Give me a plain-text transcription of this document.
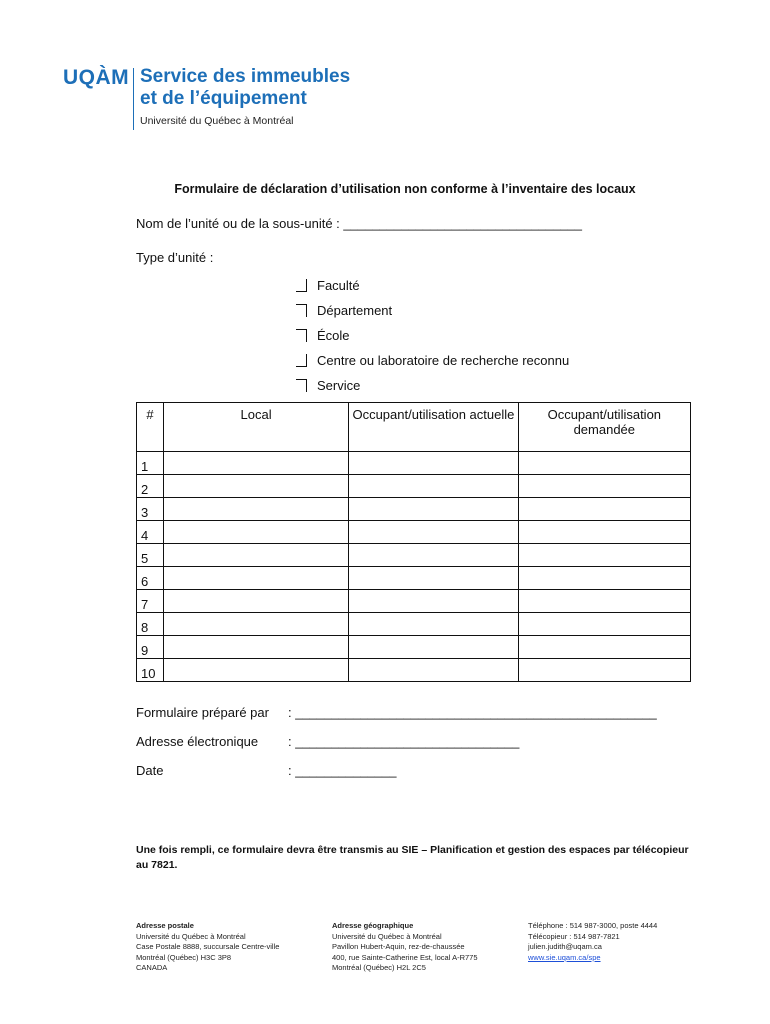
UQÀM Service des immeubles
et de l’équipement
Université du Québec à Montréal
Formulaire de déclaration d’utilisation non conforme à l’inventaire des locaux
Nom de l’unité ou de la sous-unité : _________________________________
Type d’unité :
Faculté
Département
École
Centre ou laboratoire de recherche reconnu
Service
#	Local	Occupant/utilisation actuelle	Occupant/utilisation demandée
1			
2			
3			
4			
5			
6			
7			
8			
9			
10			
Formulaire préparé par : __________________________________________________
Adresse électronique : _______________________________
Date	: ______________
Une fois rempli, ce formulaire devra être transmis au SIE – Planification et gestion des espaces par télécopieur au 7821.
Adresse postale
Université du Québec à Montréal
Case Postale 8888, succursale Centre-ville
Montréal (Québec) H3C 3P8
CANADA
Adresse géographique
Université du Québec à Montréal
Pavillon Hubert-Aquin, rez-de-chaussée
400, rue Sainte-Catherine Est, local A-R775
Montréal (Québec) H2L 2C5
Téléphone : 514 987-3000, poste 4444
Télécopieur : 514 987-7821
julien.judith@uqam.ca
www.sie.uqam.ca/spe
